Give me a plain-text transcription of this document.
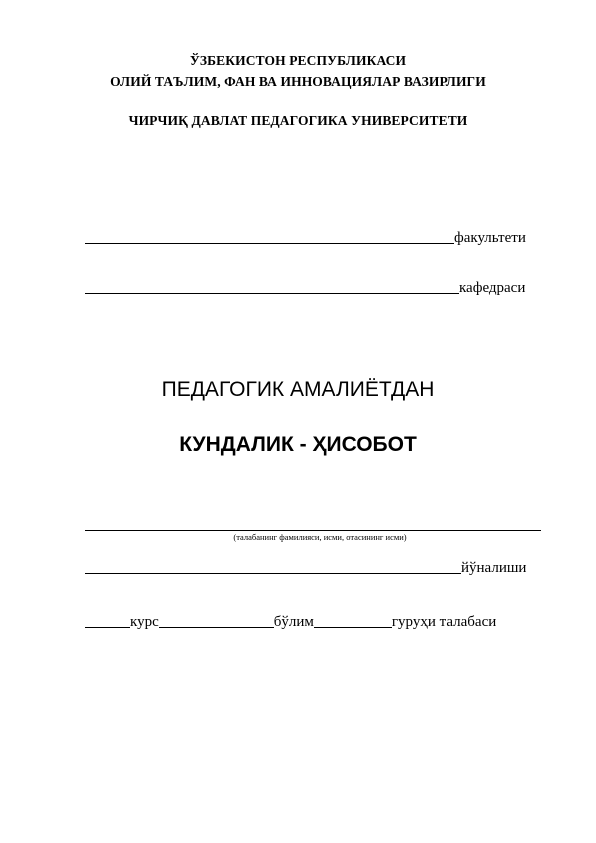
ЎЗБЕКИСТОН РЕСПУБЛИКАСИ
ОЛИЙ ТАЪЛИМ, ФАН ВА ИННОВАЦИЯЛАР ВАЗИРЛИГИ
ЧИРЧИҚ ДАВЛАТ ПЕДАГОГИКА УНИВЕРСИТЕТИ
факультети
кафедраси
ПЕДАГОГИК АМАЛИЁТДАН
КУНДАЛИК - ҲИСОБОТ
(талабанинг фамилияси, исми, отасининг исми)
йўналиши
курс	бўлим	гуруҳи талабаси
